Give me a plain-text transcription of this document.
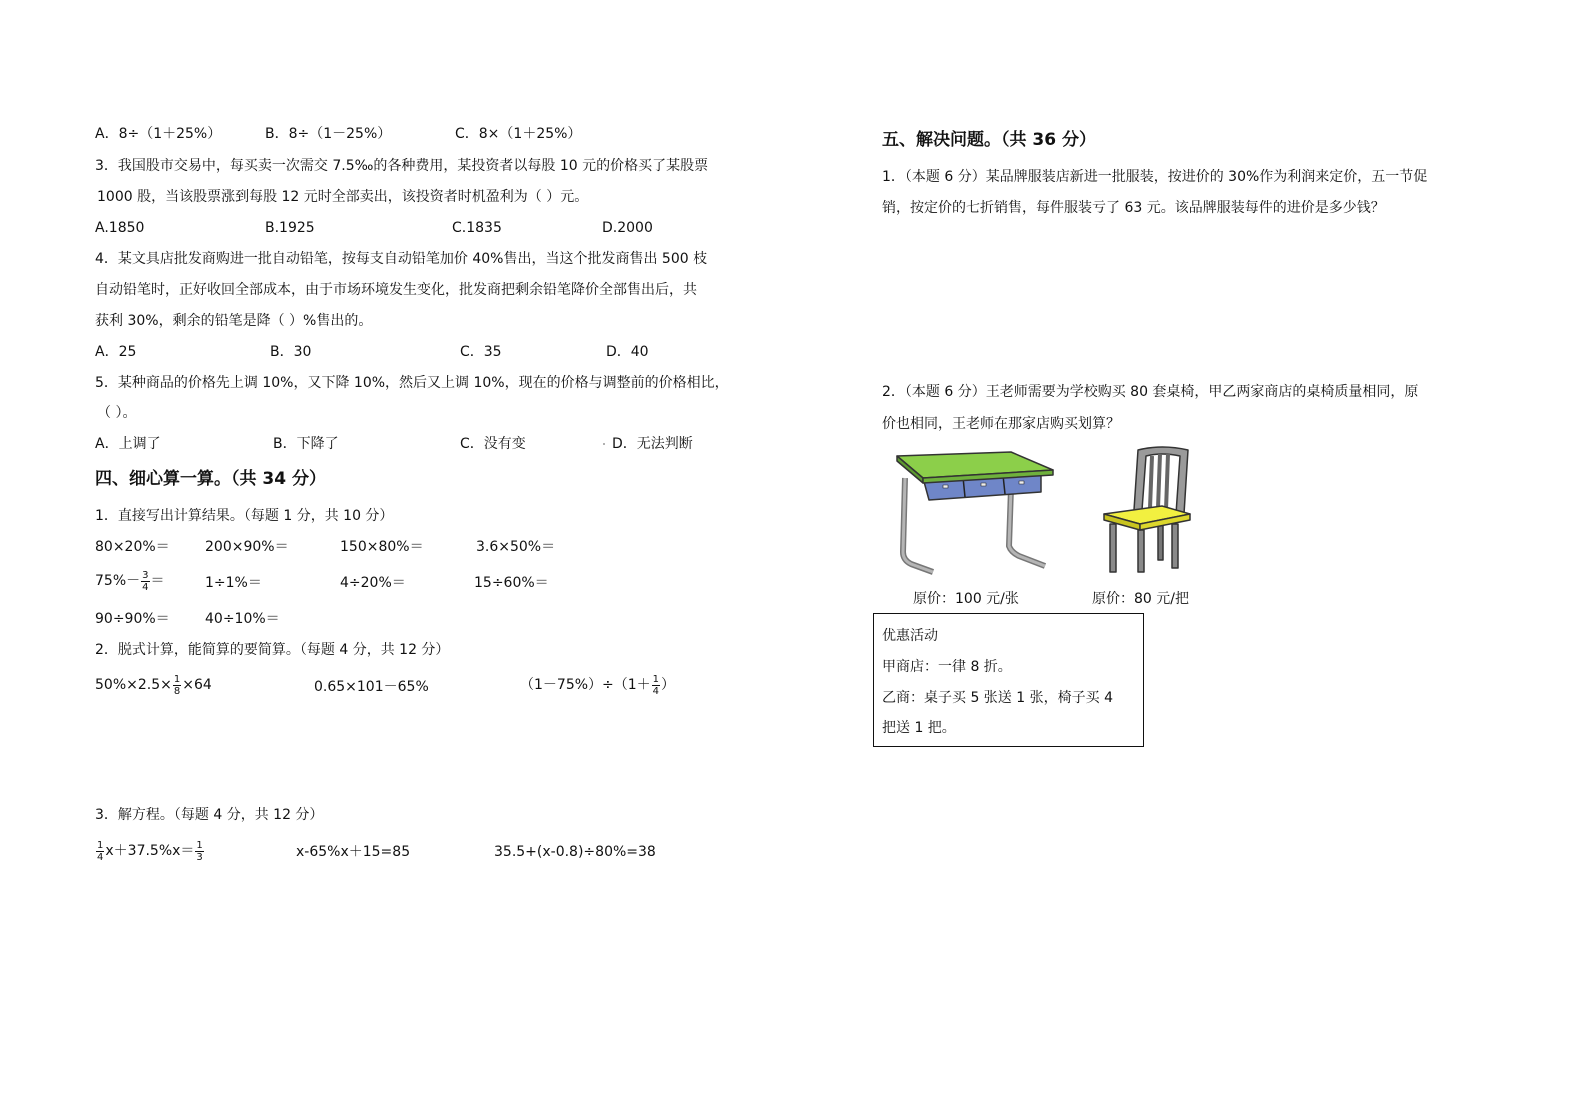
A．8÷（1＋25%）	B．8÷（1－25%）	C．8×（1＋25%）
3．我国股市交易中，每买卖一次需交 7.5‰的各种费用，某投资者以每股 10 元的价格买了某股票
1000 股，当该股票涨到每股 12 元时全部卖出，该投资者时机盈利为（ ）元。
A.1850	B.1925	C.1835	D.2000
4．某文具店批发商购进一批自动铅笔，按每支自动铅笔加价 40%售出，当这个批发商售出 500 枝
自动铅笔时，正好收回全部成本，由于市场环境发生变化，批发商把剩余铅笔降价全部售出后，共
获利 30%，剩余的铅笔是降（ ）%售出的。
A．25	B．30	C．35	D．40
5．某种商品的价格先上调 10%，又下降 10%，然后又上调 10%，现在的价格与调整前的价格相比，
（ ）。
A．上调了	B．下降了	C．没有变	D．无法判断
四、细心算一算。（共 34 分）
1．直接写出计算结果。（每题 1 分，共 10 分）
80×20%＝	200×90%＝	150×80%＝	3.6×50%＝
$75\%- \frac{3}{4}$ ＝	1÷1%＝	4÷20%＝	15÷60%＝
90÷90%＝	40÷10%＝
2．脱式计算，能简算的要简算。（每题 4 分，共 12 分）
$50\%\times 2.5\times \frac{1}{8} \times 64$	0.65×101－65%	$(1-75\%)\div(1+ \frac{1}{4}$ ）
3．解方程。（每题 4 分，共 12 分）
$\frac{1}{4} x+37.5\%x= \frac{1}{3}$	x-65%x＋15=85	35.5+(x-0.8)÷80%=38
五、解决问题。（共 36 分）
1．（本题 6 分）某品牌服装店新进一批服装，按进价的 30%作为利润来定价，五一节促
销，按定价的七折销售，每件服装亏了 63 元。该品牌服装每件的进价是多少钱？
2．（本题 6 分）王老师需要为学校购买 80 套桌椅，甲乙两家商店的桌椅质量相同，原
价也相同，王老师在那家店购买划算？
原价：100 元/张	原价：80 元/把
优惠活动
甲商店：一律 8 折。
乙商：桌子买 5 张送 1 张，椅子买 4
把送 1 把。
